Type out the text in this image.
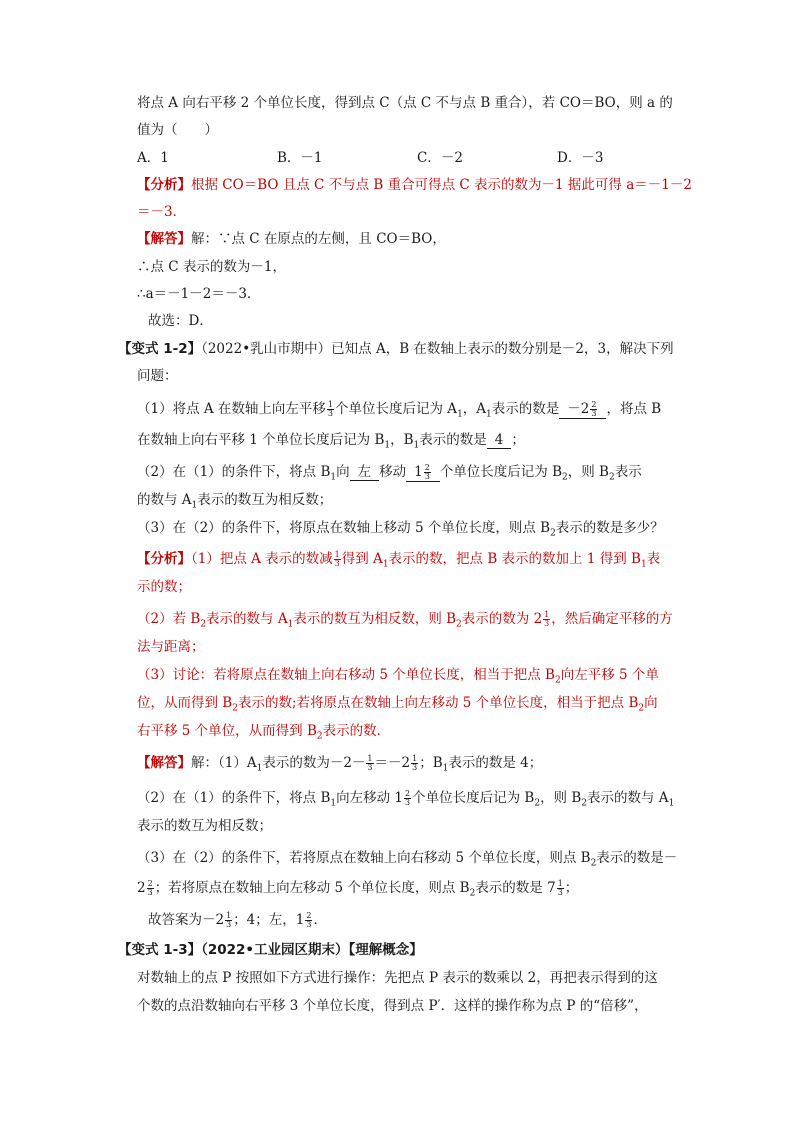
将点 A 向右平移 2 个单位长度，得到点 C（点 C 不与点 B 重合），若 CO＝BO，则 a 的
值为（　　）
A．1	B．－1	C．－2	D．－3
【分析】根据 CO＝BO 且点 C 不与点 B 重合可得点 C 表示的数为－1 据此可得 a＝－1－2
＝－3．
【解答】解：∵点 C 在原点的左侧，且 CO＝BO，
∴点 C 表示的数为－1，
∴a＝－1－2＝－3．
故选：D．
【变式 1-2】（2022•乳山市期中）已知点 A，B 在数轴上表示的数分别是－2，3，解决下列
问题：
（1）将点 A 在数轴上向左平移 $\frac{1}{3}$ 个单位长度后记为 $A_1$，$A_1$表示的数是 $-2 \frac{2}{3}$ ，将点 B
在数轴上向右平移 1 个单位长度后记为 $B_1$，$B_1$表示的数是 4 ；
（2）在（1）的条件下，将点 $B_1$向 左 移动 $1 \frac{2}{3}$ 个单位长度后记为 $B_2$，则 $B_2$表示
的数与 $A_1$表示的数互为相反数；
（3）在（2）的条件下，将原点在数轴上移动 5 个单位长度，则点 $B_2$表示的数是多少？
【分析】（1）把点 A 表示的数减 $\frac{1}{3}$ 得到 $A_1$表示的数，把点 B 表示的数加上 1 得到 $B_1$表
示的数；
（2）若 $B_2$表示的数与 $A_1$表示的数互为相反数，则 $B_2$表示的数为 $2 \frac{1}{3}$ ，然后确定平移的方
法与距离；
（3）讨论：若将原点在数轴上向右移动 5 个单位长度，相当于把点 $B_2$向左平移 5 个单
位，从而得到 $B_2$表示的数;若将原点在数轴上向左移动 5 个单位长度，相当于把点 $B_2$向
右平移 5 个单位，从而得到 $B_2$表示的数．
【解答】解：$(1)A_1$表示的数为$-2- \frac{1}{3} =-2 \frac{1}{3}$ ；$B_1$表示的数是 4；
（2）在（1）的条件下，将点 $B_1$向左移动 $1 \frac{2}{3}$ 个单位长度后记为 $B_2$，则 $B_2$表示的数与 $A_1$
表示的数互为相反数；
（3）在（2）的条件下，若将原点在数轴上向右移动 5 个单位长度，则点 $B_2$表示的数是－
$2 \frac{2}{3}$ ；若将原点在数轴上向左移动 5 个单位长度，则点 $B_2$表示的数是 $7 \frac{1}{3}$ ；
故答案为$-2 \frac{1}{3}$ ；4；左，$1 \frac{2}{3}$ ．
【变式 1-3】（2022•工业园区期末）【理解概念】
对数轴上的点 P 按照如下方式进行操作：先把点 P 表示的数乘以 2，再把表示得到的这
个数的点沿数轴向右平移 3 个单位长度，得到点 P′．这样的操作称为点 P 的“倍移”，
